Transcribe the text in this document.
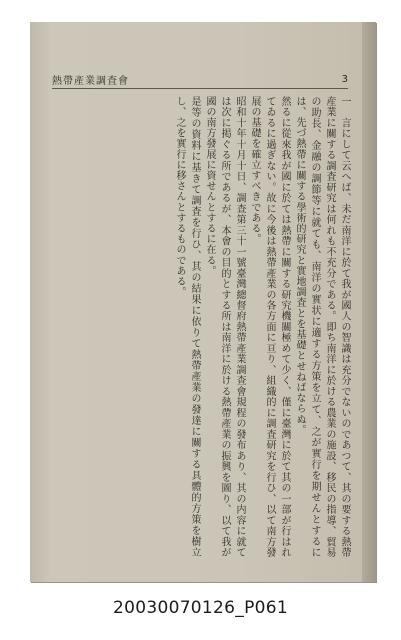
熱帶產業調査會	3

一　言にして云へば、未だ南洋に於て我が國人の智識は充分でないのであつて、其の要する熱帶産業に關する調査研究は何れも不充分である。即ち南洋に於ける農業の施設、移民の指導、貿易の助長、金融の調節等に就ても、南洋の實状に適する方策を立て、之が實行を期せんとするには、先づ熱帶に關する學術的研究と實地調査とを基礎とせねばならぬ。

然るに從來我が國に於ては熱帶に關する研究機關極めて少く、僅に臺灣に於て其の一部が行はれてゐるに過ぎない。故に今後は熱帶產業の各方面に亘り、組織的に調査研究を行ひ、以て南方發展の基礎を確立すべきである。

昭和十年十月十日、調查第三十一號臺灣總督府熱帶產業調查會規程の發布あり、其の内容に就ては次に掲ぐる所であるが、本會の目的とする所は南洋に於ける熱帶產業の振興を圖り、以て我が國の南方發展に資せんとするに在る。

是等の資料に基きて調査を行ひ、其の結果に依りて熱帶產業の發達に關する具體的方策を樹立し、之を實行に移さんとするものである。

20030070126_P061
